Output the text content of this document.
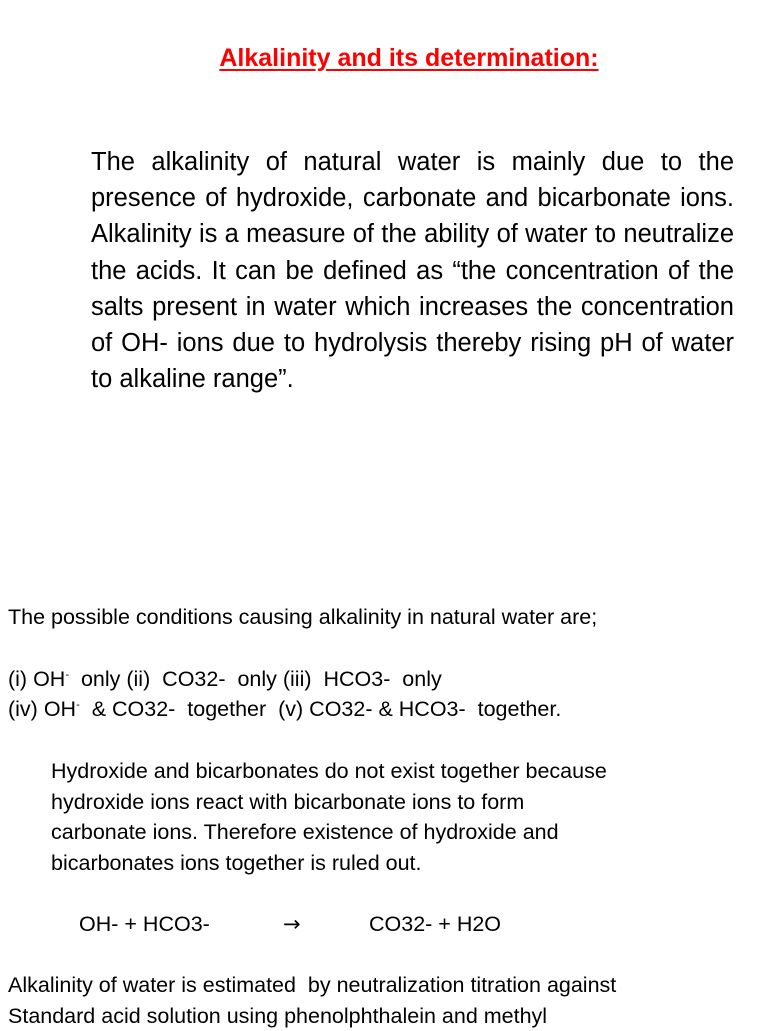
Alkalinity and its determination:

The alkalinity of natural water is mainly due to the presence of hydroxide, carbonate and bicarbonate ions. Alkalinity is a measure of the ability of water to neutralize the acids. It can be defined as “the concentration of the salts present in water which increases the concentration of OH- ions due to hydrolysis thereby rising pH of water to alkaline range”.

The possible conditions causing alkalinity in natural water are;

(i) OH-  only (ii)  CO32-  only (iii)  HCO3-  only

(iv) OH-  & CO32-  together  (v) CO32- & HCO3-  together.

Hydroxide and bicarbonates do not exist together because
hydroxide ions react with bicarbonate ions to form
carbonate ions. Therefore existence of hydroxide and
bicarbonates ions together is ruled out.
OH- + HCO3-	→	CO32- + H2O
Alkalinity of water is estimated  by neutralization titration against
Standard acid solution using phenolphthalein and methyl
